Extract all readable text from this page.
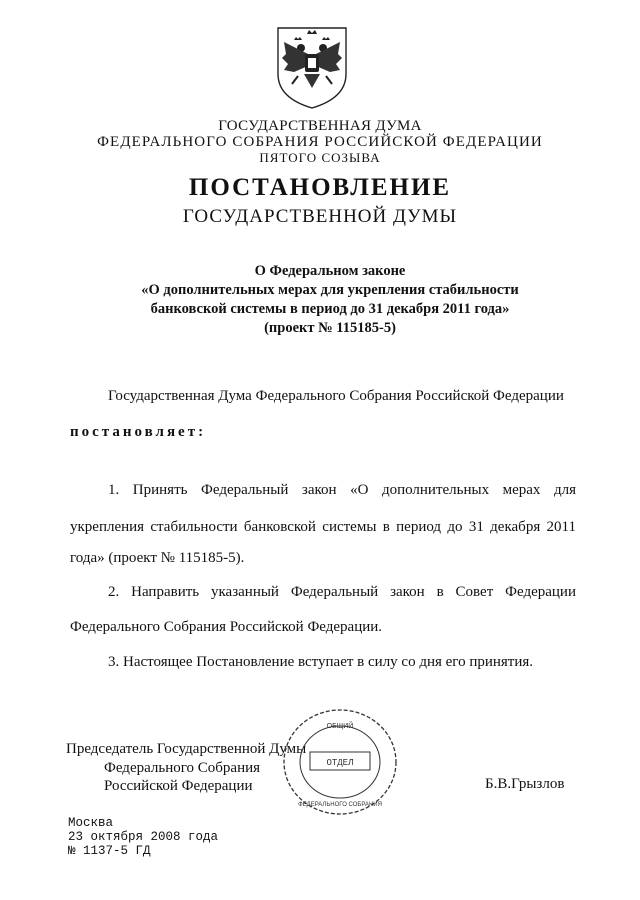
ГОСУДАРСТВЕННАЯ ДУМА
ФЕДЕРАЛЬНОГО СОБРАНИЯ РОССИЙСКОЙ ФЕДЕРАЦИИ
ПЯТОГО СОЗЫВА
ПОСТАНОВЛЕНИЕ
ГОСУДАРСТВЕННОЙ ДУМЫ
О Федеральном законе
«О дополнительных мерах для укрепления стабильности
банковской системы в период до 31 декабря 2011 года»
(проект № 115185-5)
Государственная Дума Федерального Собрания Российской Федерации
постановляет:
1. Принять Федеральный закон «О дополнительных мерах для
укрепления стабильности банковской системы в период до 31 декабря 2011
года» (проект № 115185-5).
2. Направить указанный Федеральный закон в Совет Федерации
Федерального Собрания Российской Федерации.
3. Настоящее Постановление вступает в силу со дня его принятия.
Председатель Государственной Думы
Федерального Собрания
Российской Федерации	Б.В.Грызлов
ОТДЕЛ
ОБЩИЙ
ФЕДЕРАЛЬНОГО СОБРАНИЯ
Москва
23 октября 2008 года
№ 1137-5 ГД
